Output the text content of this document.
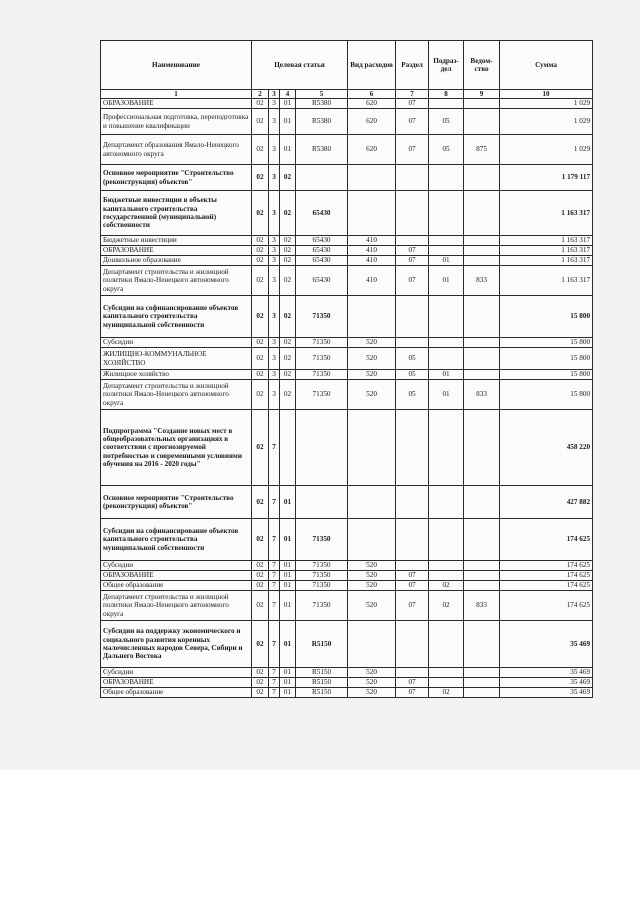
Наименование	Целевая статья				Вид расходов	Раздел	Подраз-дел	Ведом-ство	Сумма
1	2	3	4	5	6	7	8	9	10
ОБРАЗОВАНИЕ	02	3	01	R5380	620	07			1 029
Профессиональная подготовка, переподготовка и повышение квалификации	02	3	01	R5380	620	07	05		1 029
Департамент образования Ямало-Ненецкого автономного округа	02	3	01	R5380	620	07	05	875	1 029
Основное мероприятие "Строительство (реконструкция) объектов"	02	3	02						1 179 117
Бюджетные инвестиции в объекты капитального строительства государственной (муниципальной) собственности	02	3	02	65430					1 163 317
Бюджетные инвестиции	02	3	02	65430	410				1 163 317
ОБРАЗОВАНИЕ	02	3	02	65430	410	07			1 163 317
Дошкольное образование	02	3	02	65430	410	07	01		1 163 317
Департамент строительства и жилищной политики Ямало-Ненецкого автономного округа	02	3	02	65430	410	07	01	833	1 163 317
Субсидии на софинансирование объектов капитального строительства муниципальной собственности	02	3	02	71350					15 800
Субсидии	02	3	02	71350	520				15 800
ЖИЛИЩНО-КОММУНАЛЬНОЕ ХОЗЯЙСТВО	02	3	02	71350	520	05			15 800
Жилищное хозяйство	02	3	02	71350	520	05	01		15 800
Департамент строительства и жилищной политики Ямало-Ненецкого автономного округа	02	3	02	71350	520	05	01	833	15 800
Подпрограмма "Создание новых мест в общеобразовательных организациях в соответствии с прогнозируемой потребностью и современными условиями обучения на 2016 - 2020 годы"	02	7							458 220
Основное мероприятие "Строительство (реконструкция) объектов"	02	7	01						427 882
Субсидии на софинансирование объектов капитального строительства муниципальной собственности	02	7	01	71350					174 625
Субсидии	02	7	01	71350	520				174 625
ОБРАЗОВАНИЕ	02	7	01	71350	520	07			174 625
Общее образование	02	7	01	71350	520	07	02		174 625
Департамент строительства и жилищной политики Ямало-Ненецкого автономного округа	02	7	01	71350	520	07	02	833	174 625
Субсидии на поддержку экономического и социального развития коренных малочисленных народов Севера, Сибири и Дальнего Востока	02	7	01	R5150					35 469
Субсидии	02	7	01	R5150	520				35 469
ОБРАЗОВАНИЕ	02	7	01	R5150	520	07			35 469
Общее образование	02	7	01	R5150	520	07	02		35 469
